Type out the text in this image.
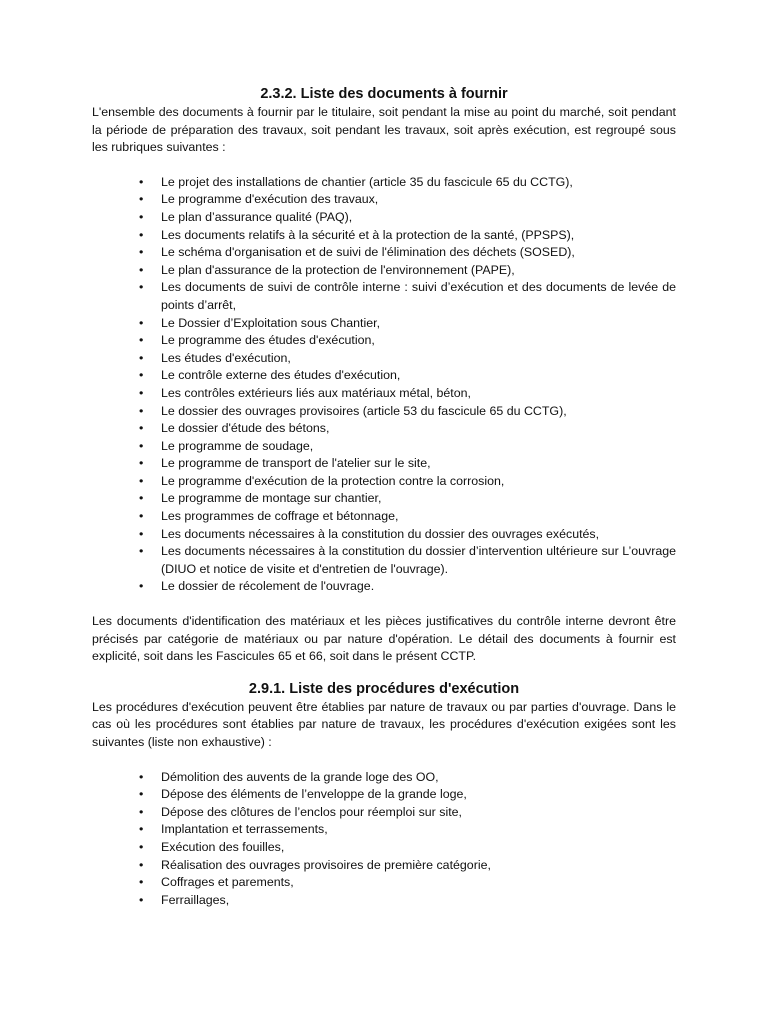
2.3.2. Liste des documents à fournir

L'ensemble des documents à fournir par le titulaire, soit pendant la mise au point du marché, soit pendant la période de préparation des travaux, soit pendant les travaux, soit après exécution, est regroupé sous les rubriques suivantes :

• Le projet des installations de chantier (article 35 du fascicule 65 du CCTG),
• Le programme d'exécution des travaux,
• Le plan d’assurance qualité (PAQ),
• Les documents relatifs à la sécurité et à la protection de la santé, (PPSPS),
• Le schéma d'organisation et de suivi de l'élimination des déchets (SOSED),
• Le plan d'assurance de la protection de l'environnement (PAPE),
• Les documents de suivi de contrôle interne : suivi d’exécution et des documents de levée de points d’arrêt,
• Le Dossier d’Exploitation sous Chantier,
• Le programme des études d'exécution,
• Les études d'exécution,
• Le contrôle externe des études d'exécution,
• Les contrôles extérieurs liés aux matériaux métal, béton,
• Le dossier des ouvrages provisoires (article 53 du fascicule 65 du CCTG),
• Le dossier d'étude des bétons,
• Le programme de soudage,
• Le programme de transport de l'atelier sur le site,
• Le programme d'exécution de la protection contre la corrosion,
• Le programme de montage sur chantier,
• Les programmes de coffrage et bétonnage,
• Les documents nécessaires à la constitution du dossier des ouvrages exécutés,
• Les documents nécessaires à la constitution du dossier d’intervention ultérieure sur L’ouvrage (DIUO et notice de visite et d'entretien de l'ouvrage).
• Le dossier de récolement de l'ouvrage.

Les documents d'identification des matériaux et les pièces justificatives du contrôle interne devront être précisés par catégorie de matériaux ou par nature d'opération. Le détail des documents à fournir est explicité, soit dans les Fascicules 65 et 66, soit dans le présent CCTP.

2.9.1. Liste des procédures d'exécution

Les procédures d'exécution peuvent être établies par nature de travaux ou par parties d'ouvrage. Dans le cas où les procédures sont établies par nature de travaux, les procédures d'exécution exigées sont les suivantes (liste non exhaustive) :

• Démolition des auvents de la grande loge des OO,
• Dépose des éléments de l’enveloppe de la grande loge,
• Dépose des clôtures de l’enclos pour réemploi sur site,
• Implantation et terrassements,
• Exécution des fouilles,
• Réalisation des ouvrages provisoires de première catégorie,
• Coffrages et parements,
• Ferraillages,
